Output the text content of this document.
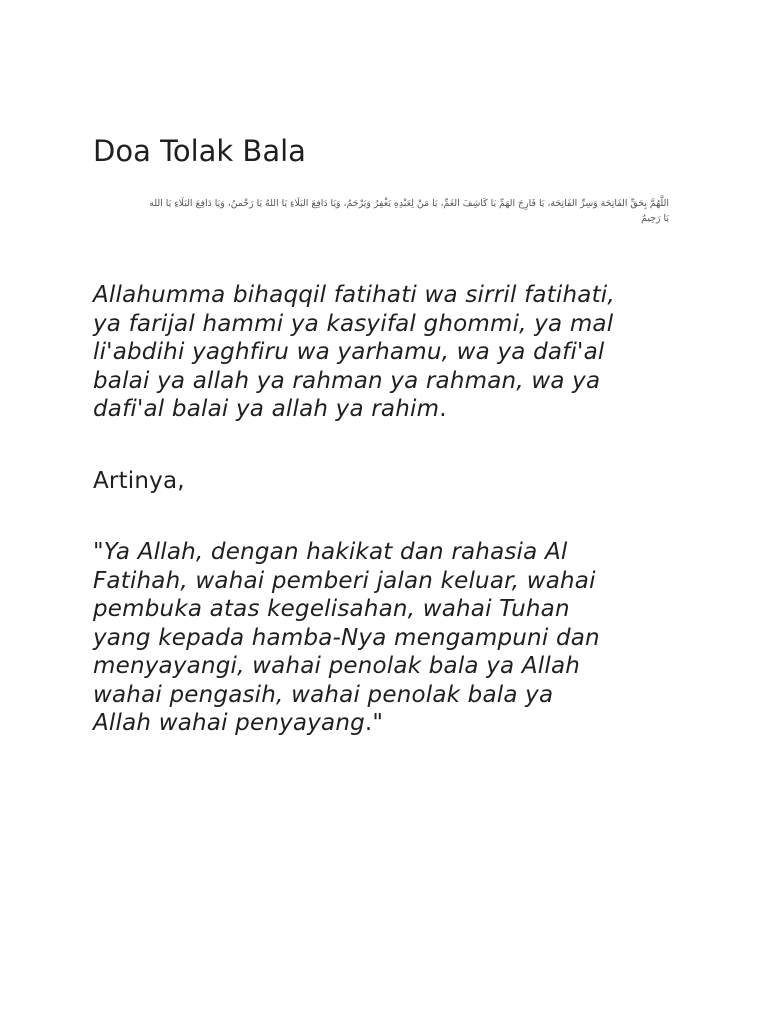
Doa Tolak Bala

اللَّهُمَّ بِحَقِّ الفَاتِحَة وَسِرِّ الفَاتِحَة، يَا فَارِجَ الهَمِّ يَا كَاشِفَ الغَمِّ، يَا مَنْ لِعَبْدِهِ يَغْفِرُ وَيَرْحَمُ، وَيَا دَافِعَ البَلَاءِ يَا اللهُ يَا رَحْمنُ، وَيَا دَافِعَ البَلَاءِ يَا الله
يَا رَحِيمُ

Allahumma bihaqqil fatihati wa sirril fatihati,
ya farijal hammi ya kasyifal ghommi, ya mal
li'abdihi yaghfiru wa yarhamu, wa ya dafi'al
balai ya allah ya rahman ya rahman, wa ya
dafi'al balai ya allah ya rahim.

Artinya,

"Ya Allah, dengan hakikat dan rahasia Al
Fatihah, wahai pemberi jalan keluar, wahai
pembuka atas kegelisahan, wahai Tuhan
yang kepada hamba-Nya mengampuni dan
menyayangi, wahai penolak bala ya Allah
wahai pengasih, wahai penolak bala ya
Allah wahai penyayang."
